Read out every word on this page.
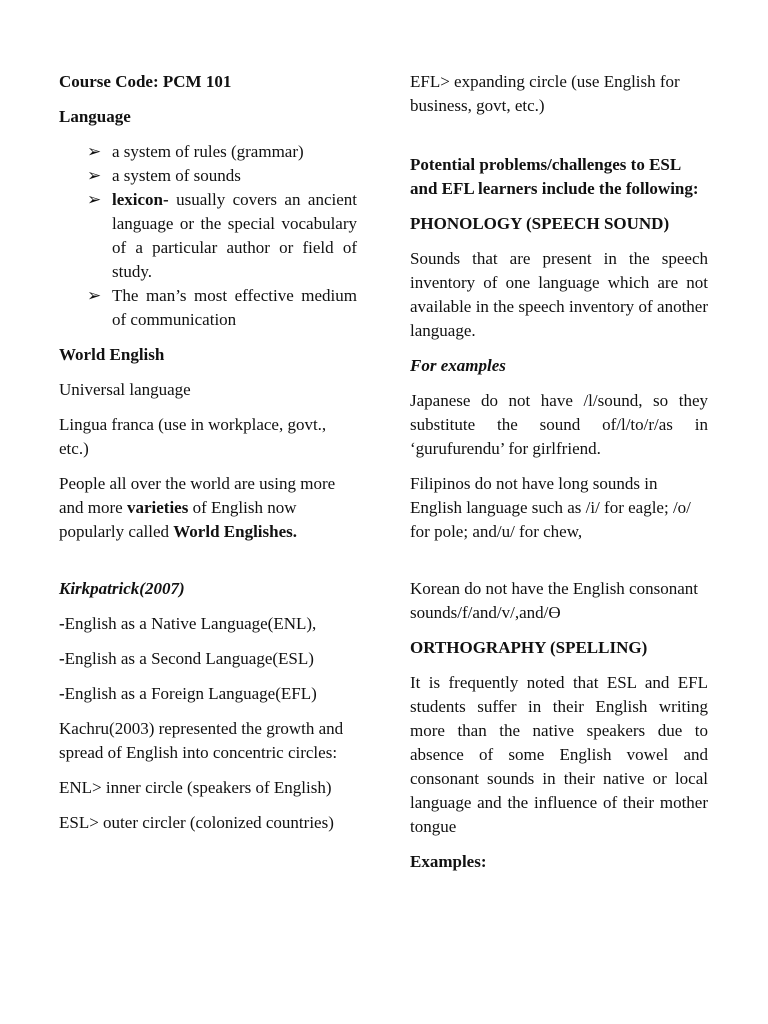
Course Code: PCM 101

Language

➢ a system of rules (grammar)
➢ a system of sounds
➢ lexicon- usually covers an ancient language or the special vocabulary of a particular author or field of study.
➢ The man’s most effective medium of communication

World English

Universal language

Lingua franca (use in workplace, govt., etc.)

People all over the world are using more and more varieties of English now popularly called World Englishes.

Kirkpatrick(2007)

-English as a Native Language(ENL),

-English as a Second Language(ESL)

-English as a Foreign Language(EFL)

Kachru(2003) represented the growth and spread of English into concentric circles:

ENL> inner circle (speakers of English)

ESL> outer circler (colonized countries)

EFL> expanding circle (use English for business, govt, etc.)

Potential problems/challenges to ESL and EFL learners include the following:

PHONOLOGY (SPEECH SOUND)

Sounds that are present in the speech inventory of one language which are not available in the speech inventory of another language.

For examples

Japanese do not have /l/sound, so they substitute the sound of/l/to/r/as in ‘gurufurendu’ for girlfriend.

Filipinos do not have long sounds in English language such as /i/ for eagle; /o/ for pole; and/u/ for chew,

Korean do not have the English consonant sounds/f/and/v/,and/Ө

ORTHOGRAPHY (SPELLING)

It is frequently noted that ESL and EFL students suffer in their English writing more than the native speakers due to absence of some English vowel and consonant sounds in their native or local language and the influence of their mother tongue

Examples:
